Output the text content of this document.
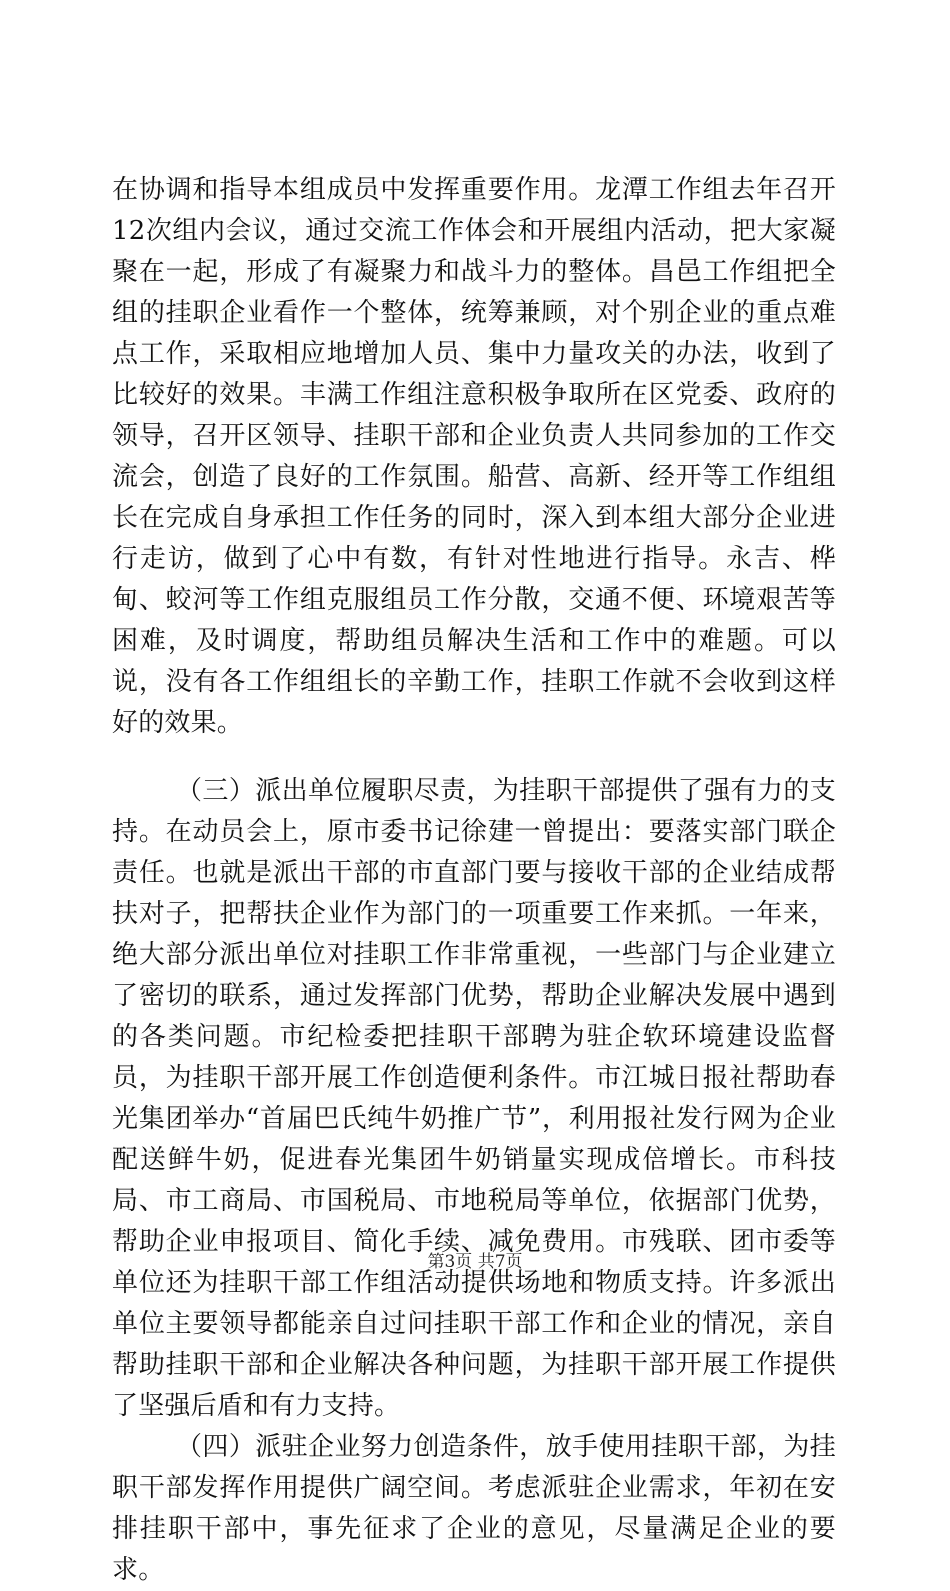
在协调和指导本组成员中发挥重要作用。龙潭工作组去年召开12次组内会议，通过交流工作体会和开展组内活动，把大家凝聚在一起，形成了有凝聚力和战斗力的整体。昌邑工作组把全组的挂职企业看作一个整体，统筹兼顾，对个别企业的重点难点工作，采取相应地增加人员、集中力量攻关的办法，收到了比较好的效果。丰满工作组注意积极争取所在区党委、政府的领导，召开区领导、挂职干部和企业负责人共同参加的工作交流会，创造了良好的工作氛围。船营、高新、经开等工作组组长在完成自身承担工作任务的同时，深入到本组大部分企业进行走访，做到了心中有数，有针对性地进行指导。永吉、桦甸、蛟河等工作组克服组员工作分散，交通不便、环境艰苦等困难，及时调度，帮助组员解决生活和工作中的难题。可以说，没有各工作组组长的辛勤工作，挂职工作就不会收到这样好的效果。

（三）派出单位履职尽责，为挂职干部提供了强有力的支持。在动员会上，原市委书记徐建一曾提出：要落实部门联企责任。也就是派出干部的市直部门要与接收干部的企业结成帮扶对子，把帮扶企业作为部门的一项重要工作来抓。一年来，绝大部分派出单位对挂职工作非常重视，一些部门与企业建立了密切的联系，通过发挥部门优势，帮助企业解决发展中遇到的各类问题。市纪检委把挂职干部聘为驻企软环境建设监督员，为挂职干部开展工作创造便利条件。市江城日报社帮助春光集团举办“首届巴氏纯牛奶推广节”，利用报社发行网为企业配送鲜牛奶，促进春光集团牛奶销量实现成倍增长。市科技局、市工商局、市国税局、市地税局等单位，依据部门优势，帮助企业申报项目、简化手续、减免费用。市残联、团市委等单位还为挂职干部工作组活动提供场地和物质支持。许多派出单位主要领导都能亲自过问挂职干部工作和企业的情况，亲自帮助挂职干部和企业解决各种问题，为挂职干部开展工作提供了坚强后盾和有力支持。

（四）派驻企业努力创造条件，放手使用挂职干部，为挂职干部发挥作用提供广阔空间。考虑派驻企业需求，年初在安排挂职干部中，事先征求了企业的意见，尽量满足企业的要求。

第3页 共7页
